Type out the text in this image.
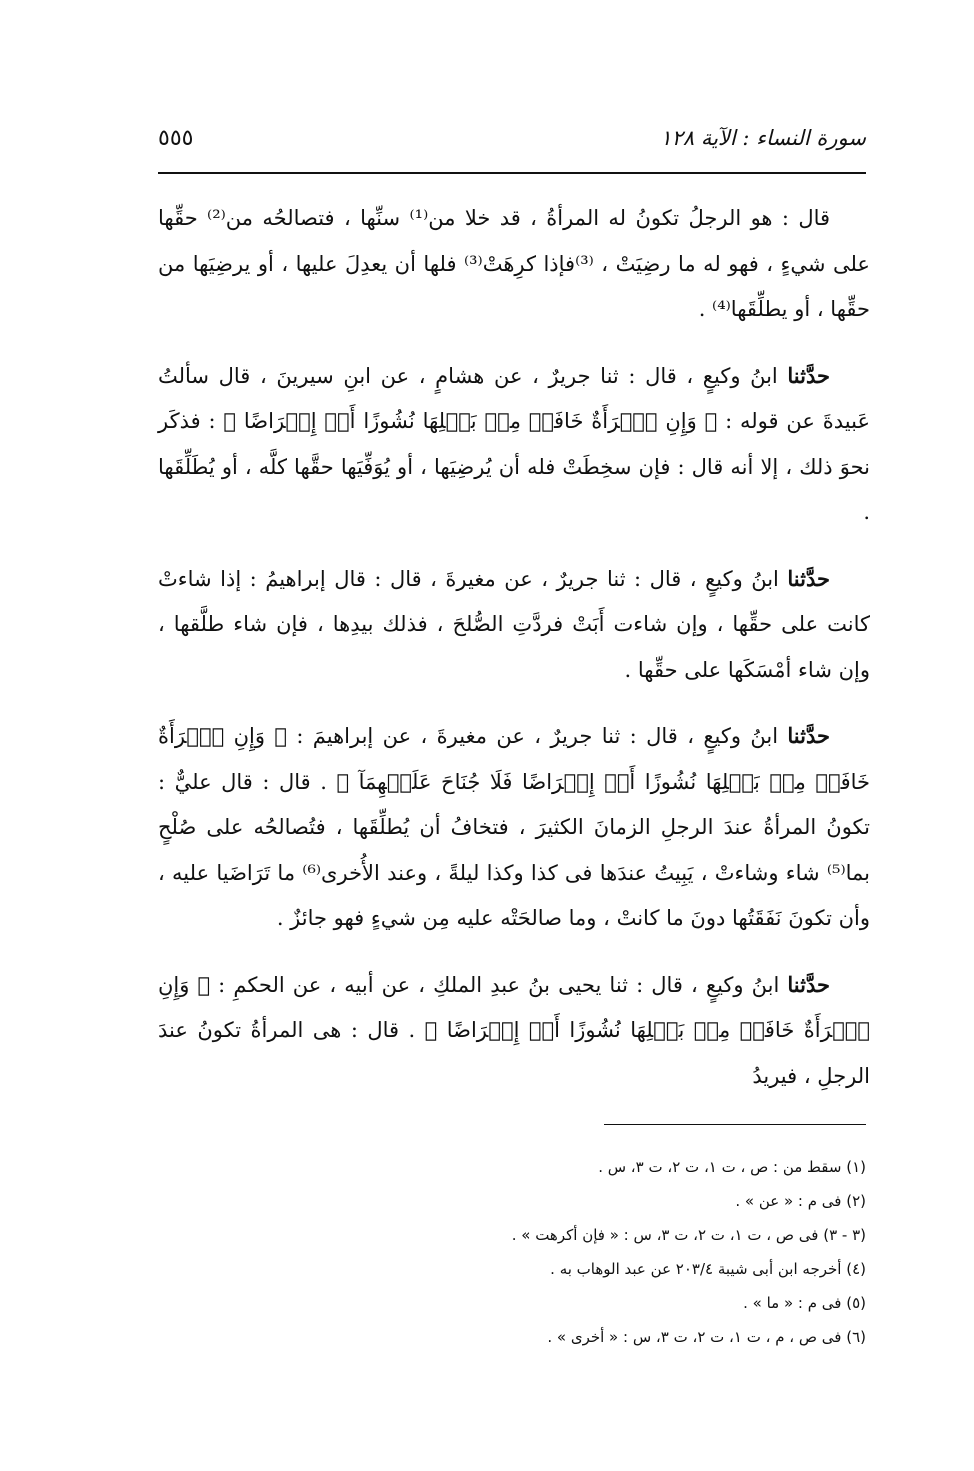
٥٥٥	سورة النساء : الآية ١٢٨

قال : هو الرجلُ تكونُ له المرأةُ ، قد خلا من⁽¹⁾ سنِّها ، فتصالحُه من⁽²⁾ حقِّها على شيءٍ ، فهو له ما رضِيَتْ ، ⁽³⁾فإذا كرِهَتْ⁽³⁾ فلها أن يعدِلَ عليها ، أو يرضِيَها من حقِّها ، أو يطلِّقَها⁽⁴⁾ .

حدَّثنا ابنُ وكيعٍ ، قال : ثنا جريرٌ ، عن هشامٍ ، عن ابنِ سيرينَ ، قال سألتُ عَبيدةَ عن قوله : ﴿ وَإِنِ ٱمۡرَأَةٌ خَافَتۡ مِنۢ بَعۡلِهَا نُشُوزًا أَوۡ إِعۡرَاضًا ﴾ : فذكَر نحوَ ذلك ، إلا أنه قال : فإن سخِطَتْ فله أن يُرضِيَها ، أو يُوَفِّيَها حقَّها كلَّه ، أو يُطَلِّقَها .

حدَّثنا ابنُ وكيعٍ ، قال : ثنا جريرٌ ، عن مغيرةَ ، قال : قال إبراهيمُ : إذا شاءتْ كانت على حقِّها ، وإن شاءت أَبَتْ فردَّتِ الصُّلحَ ، فذلك بيدِها ، فإن شاء طلَّقها ، وإن شاء أمْسَكَها على حقِّها .

حدَّثنا ابنُ وكيعٍ ، قال : ثنا جريرٌ ، عن مغيرةَ ، عن إبراهيمَ : ﴿ وَإِنِ ٱمۡرَأَةٌ خَافَتۡ مِنۢ بَعۡلِهَا نُشُوزًا أَوۡ إِعۡرَاضًا فَلَا جُنَاحَ عَلَيۡهِمَآ ﴾ . قال : قال عليٌّ : تكونُ المرأةُ عندَ الرجلِ الزمانَ الكثيرَ ، فتخافُ أن يُطلِّقَها ، فتُصالحُه على صُلْحٍ بما⁽⁵⁾ شاء وشاءتْ ، يَبِيتُ عندَها فى كذا وكذا ليلةً ، وعند الأُخرى⁽⁶⁾ ما تَرَاضَيا عليه ، وأن تكونَ نَفَقَتُها دونَ ما كانتْ ، وما صالحَتْه عليه مِن شيءٍ فهو جائزٌ .

حدَّثنا ابنُ وكيعٍ ، قال : ثنا يحيى بنُ عبدِ الملكِ ، عن أبيه ، عن الحكمِ : ﴿ وَإِنِ ٱمۡرَأَةٌ خَافَتۡ مِنۢ بَعۡلِهَا نُشُوزًا أَوۡ إِعۡرَاضًا ﴾ . قال : هى المرأةُ تكونُ عندَ الرجلِ ، فيريدُ

(١) سقط من : ص ، ت ١، ت ٢، ت ٣، س .

(٢) فى م : « عن » .

(٣ - ٣) فى ص ، ت ١، ت ٢، ت ٣، س : « فإن أكرهت » .

(٤) أخرجه ابن أبى شيبة ٢٠٣/٤ عن عبد الوهاب به .

(٥) فى م : « ما » .

(٦) فى ص ، م ، ت ١، ت ٢، ت ٣، س : « أخرى » .
